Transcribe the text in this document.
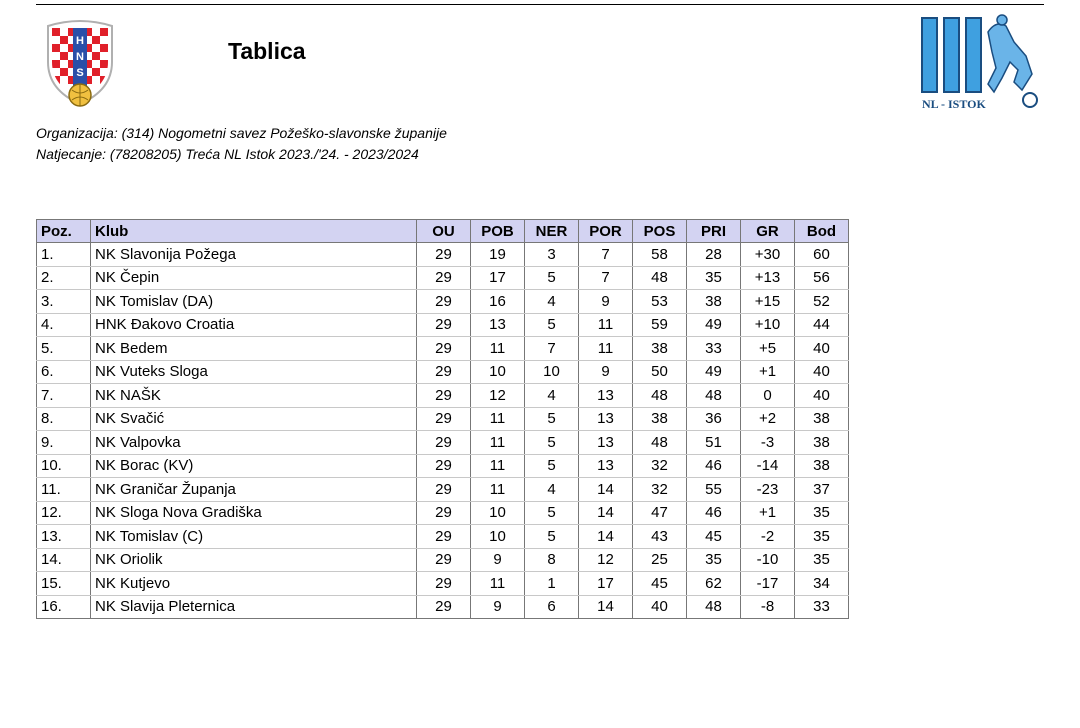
H
N
S
Tablica
NL - ISTOK
Organizacija: (314) Nogometni savez Požeško-slavonske županije
Natjecanje: (78208205) Treća NL Istok 2023./'24. - 2023/2024
Poz.	Klub	OU	POB	NER	POR	POS	PRI	GR	Bod
1.	NK Slavonija Požega	29	19	3	7	58	28	+30	60
2.	NK Čepin	29	17	5	7	48	35	+13	56
3.	NK Tomislav (DA)	29	16	4	9	53	38	+15	52
4.	HNK Đakovo Croatia	29	13	5	11	59	49	+10	44
5.	NK Bedem	29	11	7	11	38	33	+5	40
6.	NK Vuteks Sloga	29	10	10	9	50	49	+1	40
7.	NK NAŠK	29	12	4	13	48	48	0	40
8.	NK Svačić	29	11	5	13	38	36	+2	38
9.	NK Valpovka	29	11	5	13	48	51	-3	38
10.	NK Borac (KV)	29	11	5	13	32	46	-14	38
11.	NK Graničar Županja	29	11	4	14	32	55	-23	37
12.	NK Sloga Nova Gradiška	29	10	5	14	47	46	+1	35
13.	NK Tomislav (C)	29	10	5	14	43	45	-2	35
14.	NK Oriolik	29	9	8	12	25	35	-10	35
15.	NK Kutjevo	29	11	1	17	45	62	-17	34
16.	NK Slavija Pleternica	29	9	6	14	40	48	-8	33
